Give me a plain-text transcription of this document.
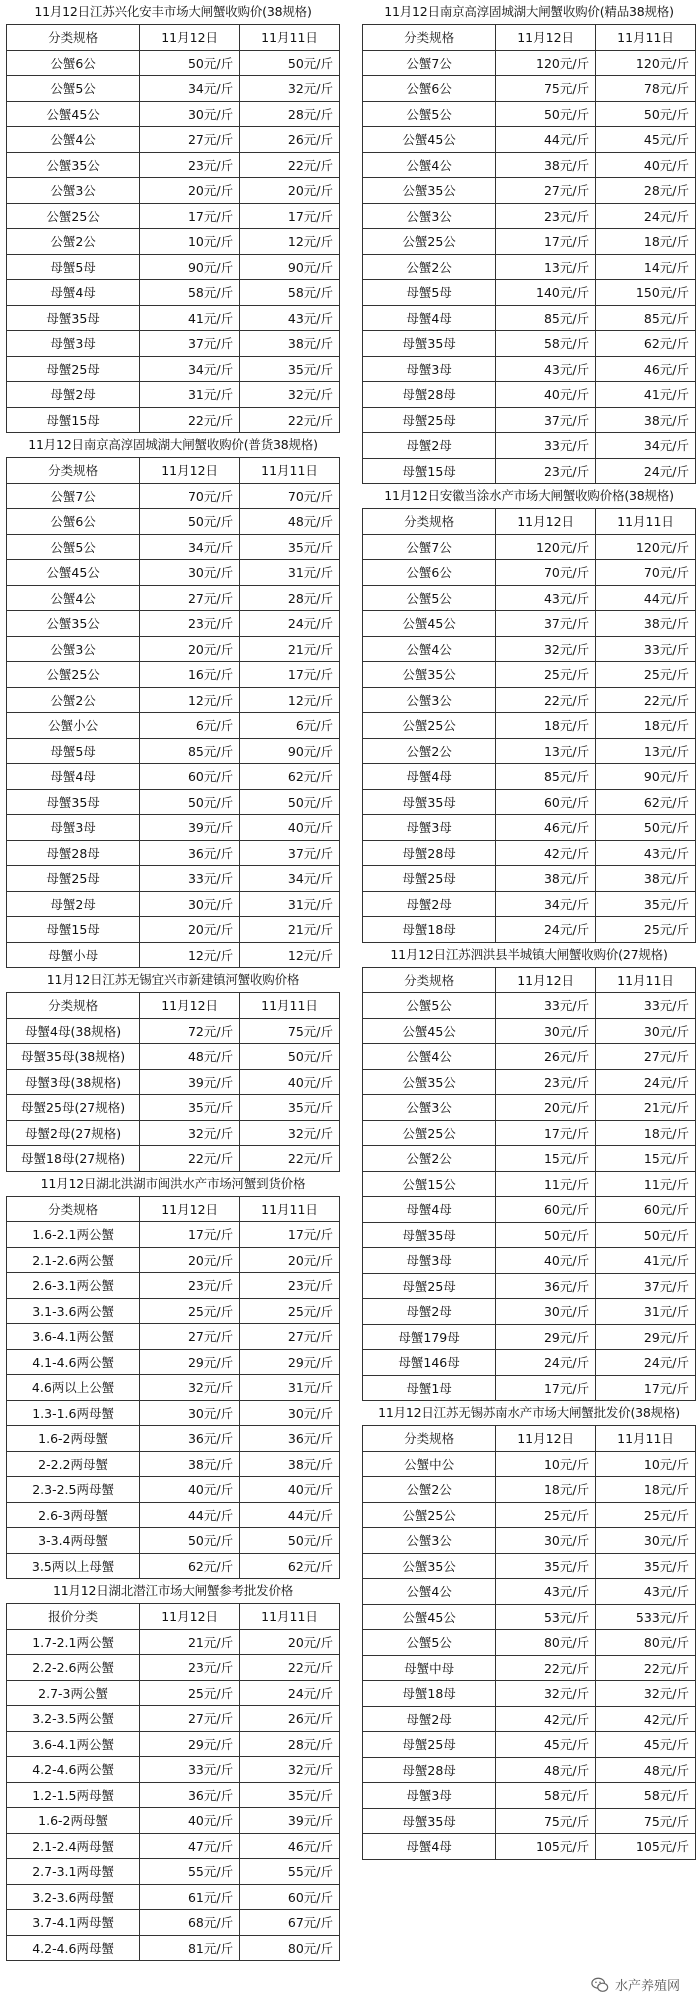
11月12日江苏兴化安丰市场大闸蟹收购价(38规格)
分类规格	11月12日	11月11日
公蟹6公	50元/斤	50元/斤
公蟹5公	34元/斤	32元/斤
公蟹45公	30元/斤	28元/斤
公蟹4公	27元/斤	26元/斤
公蟹35公	23元/斤	22元/斤
公蟹3公	20元/斤	20元/斤
公蟹25公	17元/斤	17元/斤
公蟹2公	10元/斤	12元/斤
母蟹5母	90元/斤	90元/斤
母蟹4母	58元/斤	58元/斤
母蟹35母	41元/斤	43元/斤
母蟹3母	37元/斤	38元/斤
母蟹25母	34元/斤	35元/斤
母蟹2母	31元/斤	32元/斤
母蟹15母	22元/斤	22元/斤
11月12日南京高淳固城湖大闸蟹收购价(普货38规格)
分类规格	11月12日	11月11日
公蟹7公	70元/斤	70元/斤
公蟹6公	50元/斤	48元/斤
公蟹5公	34元/斤	35元/斤
公蟹45公	30元/斤	31元/斤
公蟹4公	27元/斤	28元/斤
公蟹35公	23元/斤	24元/斤
公蟹3公	20元/斤	21元/斤
公蟹25公	16元/斤	17元/斤
公蟹2公	12元/斤	12元/斤
公蟹小公	6元/斤	6元/斤
母蟹5母	85元/斤	90元/斤
母蟹4母	60元/斤	62元/斤
母蟹35母	50元/斤	50元/斤
母蟹3母	39元/斤	40元/斤
母蟹28母	36元/斤	37元/斤
母蟹25母	33元/斤	34元/斤
母蟹2母	30元/斤	31元/斤
母蟹15母	20元/斤	21元/斤
母蟹小母	12元/斤	12元/斤
11月12日江苏无锡宜兴市新建镇河蟹收购价格
分类规格	11月12日	11月11日
母蟹4母(38规格)	72元/斤	75元/斤
母蟹35母(38规格)	48元/斤	50元/斤
母蟹3母(38规格)	39元/斤	40元/斤
母蟹25母(27规格)	35元/斤	35元/斤
母蟹2母(27规格)	32元/斤	32元/斤
母蟹18母(27规格)	22元/斤	22元/斤
11月12日湖北洪湖市闽洪水产市场河蟹到货价格
分类规格	11月12日	11月11日
1.6-2.1两公蟹	17元/斤	17元/斤
2.1-2.6两公蟹	20元/斤	20元/斤
2.6-3.1两公蟹	23元/斤	23元/斤
3.1-3.6两公蟹	25元/斤	25元/斤
3.6-4.1两公蟹	27元/斤	27元/斤
4.1-4.6两公蟹	29元/斤	29元/斤
4.6两以上公蟹	32元/斤	31元/斤
1.3-1.6两母蟹	30元/斤	30元/斤
1.6-2两母蟹	36元/斤	36元/斤
2-2.2两母蟹	38元/斤	38元/斤
2.3-2.5两母蟹	40元/斤	40元/斤
2.6-3两母蟹	44元/斤	44元/斤
3-3.4两母蟹	50元/斤	50元/斤
3.5两以上母蟹	62元/斤	62元/斤
11月12日湖北潜江市场大闸蟹参考批发价格
报价分类	11月12日	11月11日
1.7-2.1两公蟹	21元/斤	20元/斤
2.2-2.6两公蟹	23元/斤	22元/斤
2.7-3两公蟹	25元/斤	24元/斤
3.2-3.5两公蟹	27元/斤	26元/斤
3.6-4.1两公蟹	29元/斤	28元/斤
4.2-4.6两公蟹	33元/斤	32元/斤
1.2-1.5两母蟹	36元/斤	35元/斤
1.6-2两母蟹	40元/斤	39元/斤
2.1-2.4两母蟹	47元/斤	46元/斤
2.7-3.1两母蟹	55元/斤	55元/斤
3.2-3.6两母蟹	61元/斤	60元/斤
3.7-4.1两母蟹	68元/斤	67元/斤
4.2-4.6两母蟹	81元/斤	80元/斤
11月12日南京高淳固城湖大闸蟹收购价(精品38规格)
分类规格	11月12日	11月11日
公蟹7公	120元/斤	120元/斤
公蟹6公	75元/斤	78元/斤
公蟹5公	50元/斤	50元/斤
公蟹45公	44元/斤	45元/斤
公蟹4公	38元/斤	40元/斤
公蟹35公	27元/斤	28元/斤
公蟹3公	23元/斤	24元/斤
公蟹25公	17元/斤	18元/斤
公蟹2公	13元/斤	14元/斤
母蟹5母	140元/斤	150元/斤
母蟹4母	85元/斤	85元/斤
母蟹35母	58元/斤	62元/斤
母蟹3母	43元/斤	46元/斤
母蟹28母	40元/斤	41元/斤
母蟹25母	37元/斤	38元/斤
母蟹2母	33元/斤	34元/斤
母蟹15母	23元/斤	24元/斤
11月12日安徽当涂水产市场大闸蟹收购价格(38规格)
分类规格	11月12日	11月11日
公蟹7公	120元/斤	120元/斤
公蟹6公	70元/斤	70元/斤
公蟹5公	43元/斤	44元/斤
公蟹45公	37元/斤	38元/斤
公蟹4公	32元/斤	33元/斤
公蟹35公	25元/斤	25元/斤
公蟹3公	22元/斤	22元/斤
公蟹25公	18元/斤	18元/斤
公蟹2公	13元/斤	13元/斤
母蟹4母	85元/斤	90元/斤
母蟹35母	60元/斤	62元/斤
母蟹3母	46元/斤	50元/斤
母蟹28母	42元/斤	43元/斤
母蟹25母	38元/斤	38元/斤
母蟹2母	34元/斤	35元/斤
母蟹18母	24元/斤	25元/斤
11月12日江苏泗洪县半城镇大闸蟹收购价(27规格)
分类规格	11月12日	11月11日
公蟹5公	33元/斤	33元/斤
公蟹45公	30元/斤	30元/斤
公蟹4公	26元/斤	27元/斤
公蟹35公	23元/斤	24元/斤
公蟹3公	20元/斤	21元/斤
公蟹25公	17元/斤	18元/斤
公蟹2公	15元/斤	15元/斤
公蟹15公	11元/斤	11元/斤
母蟹4母	60元/斤	60元/斤
母蟹35母	50元/斤	50元/斤
母蟹3母	40元/斤	41元/斤
母蟹25母	36元/斤	37元/斤
母蟹2母	30元/斤	31元/斤
母蟹179母	29元/斤	29元/斤
母蟹146母	24元/斤	24元/斤
母蟹1母	17元/斤	17元/斤
11月12日江苏无锡苏南水产市场大闸蟹批发价(38规格)
分类规格	11月12日	11月11日
公蟹中公	10元/斤	10元/斤
公蟹2公	18元/斤	18元/斤
公蟹25公	25元/斤	25元/斤
公蟹3公	30元/斤	30元/斤
公蟹35公	35元/斤	35元/斤
公蟹4公	43元/斤	43元/斤
公蟹45公	53元/斤	533元/斤
公蟹5公	80元/斤	80元/斤
母蟹中母	22元/斤	22元/斤
母蟹18母	32元/斤	32元/斤
母蟹2母	42元/斤	42元/斤
母蟹25母	45元/斤	45元/斤
母蟹28母	48元/斤	48元/斤
母蟹3母	58元/斤	58元/斤
母蟹35母	75元/斤	75元/斤
母蟹4母	105元/斤	105元/斤
水产养殖网
